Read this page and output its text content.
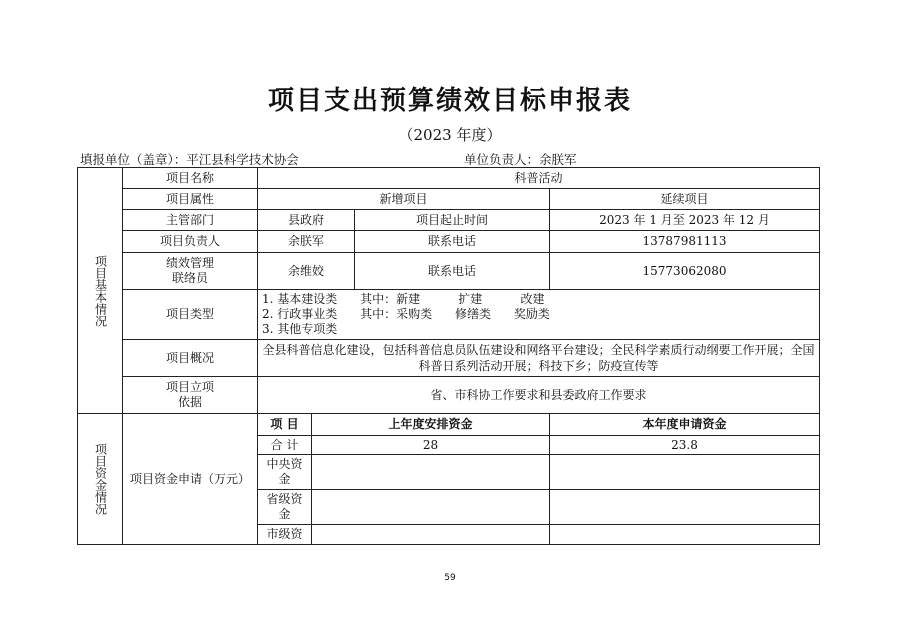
项目支出预算绩效目标申报表
（2023 年度）
填报单位（盖章）：平江县科学技术协会	单位负责人：余朕军
项目基本情况	项目名称	科普活动			
	项目属性	新增项目			延续项目
	主管部门	县政府		项目起止时间	2023 年 1 月至 2023 年 12 月
	项目负责人	余朕军		联系电话	13787981113
	绩效管理
联络员	余维姣		联系电话	15773062080
	项目类型	1. 基本建设类      其中：新建          扩建          改建
2. 行政事业类      其中：采购类      修缮类      奖励类
3. 其他专项类			

	项目概况	全县科普信息化建设，包括科普信息员队伍建设和网络平台建设；全民科学素质行动纲要工作开展；全国科普日系列活动开展；科技下乡；防疫宣传等			
	项目立项
依据	省、市科协工作要求和县委政府工作要求			
项目资金情况	项目资金申请（万元）	项 目	上年度安排资金		本年度申请资金
		合 计	28		23.8
		中央资
金			
		省级资
金			
		市级资			
59
